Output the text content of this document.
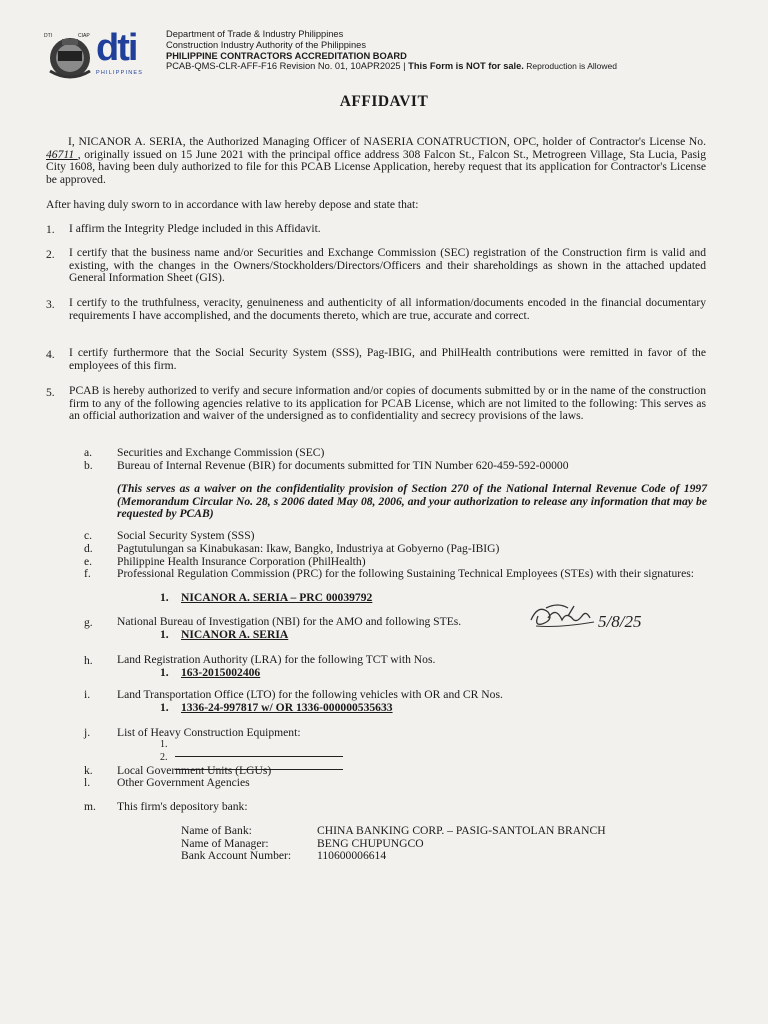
DTI	CIAP dti
PHILIPPINES
Department of Trade & Industry Philippines
Construction Industry Authority of the Philippines
PHILIPPINE CONTRACTORS ACCREDITATION BOARD
PCAB-QMS-CLR-AFF-F16 Revision No. 01, 10APR2025 | This Form is NOT for sale. Reproduction is Allowed
AFFIDAVIT
I, NICANOR A. SERIA, the Authorized Managing Officer of NASERIA CONATRUCTION, OPC, holder of Contractor's License No. 46711 , originally issued on 15 June 2021 with the principal office address 308 Falcon St., Falcon St., Metrogreen Village, Sta Lucia, Pasig City 1608, having been duly authorized to file for this PCAB License Application, hereby request that its application for Contractor's License be approved.
After having duly sworn to in accordance with law hereby depose and state that:
1.	I affirm the Integrity Pledge included in this Affidavit.
2.	I certify that the business name and/or Securities and Exchange Commission (SEC) registration of the Construction firm is valid and existing, with the changes in the Owners/Stockholders/Directors/Officers and their shareholdings as shown in the attached updated General Information Sheet (GIS).
3.	I certify to the truthfulness, veracity, genuineness and authenticity of all information/documents encoded in the financial documentary requirements I have accomplished, and the documents thereto, which are true, accurate and correct.
4.	I certify furthermore that the Social Security System (SSS), Pag-IBIG, and PhilHealth contributions were remitted in favor of the employees of this firm.
5.	PCAB is hereby authorized to verify and secure information and/or copies of documents submitted by or in the name of the construction firm to any of the following agencies relative to its application for PCAB License, which are not limited to the following: This serves as an official authorization and waiver of the undersigned as to confidentiality and secrecy provisions of the laws.
a.	Securities and Exchange Commission (SEC)
b.	Bureau of Internal Revenue (BIR) for documents submitted for TIN Number 620-459-592-00000
(This serves as a waiver on the confidentiality provision of Section 270 of the National Internal Revenue Code of 1997 (Memorandum Circular No. 28, s 2006 dated May 08, 2006, and your authorization to release any information that may be requested by PCAB)
c.	Social Security System (SSS)
d.	Pagtutulungan sa Kinabukasan: Ikaw, Bangko, Industriya at Gobyerno (Pag-IBIG)
e.	Philippine Health Insurance Corporation (PhilHealth)
f.	Professional Regulation Commission (PRC) for the following Sustaining Technical Employees (STEs) with their signatures:
1. NICANOR A. SERIA – PRC 00039792
g.	National Bureau of Investigation (NBI) for the AMO and following STEs.
1. NICANOR A. SERIA
5/8/25
h.	Land Registration Authority (LRA) for the following TCT with Nos.
1. 163-2015002406
i.	Land Transportation Office (LTO) for the following vehicles with OR and CR Nos.
1. 1336-24-997817 w/ OR 1336-000000535633
j.	List of Heavy Construction Equipment:
1.
2.
k.	Local Government Units (LGUs)
l.	Other Government Agencies
m.	This firm's depository bank:
Name of Bank:	CHINA BANKING CORP. – PASIG-SANTOLAN BRANCH
Name of Manager:	BENG CHUPUNGCO
Bank Account Number:	110600006614
